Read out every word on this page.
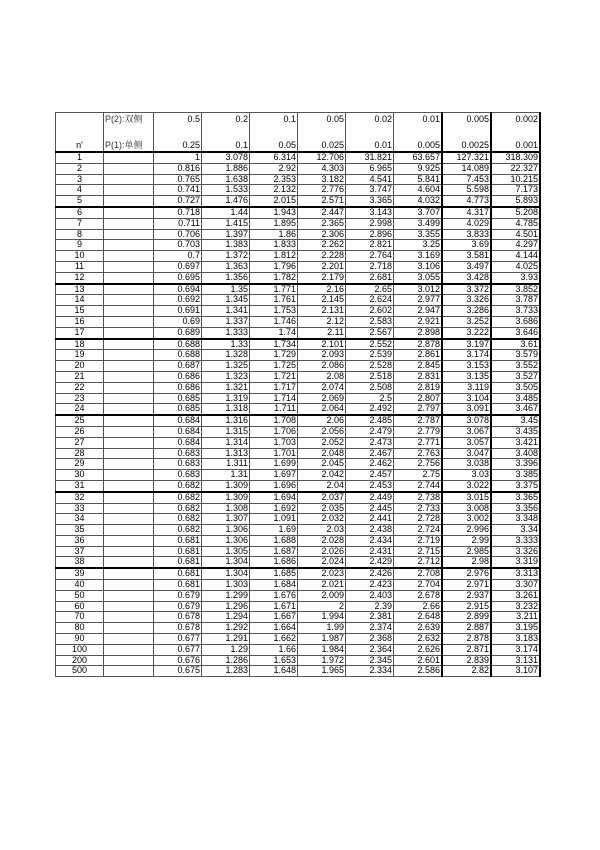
	P(2):双侧	0.5	0.2	0.1	0.05	0.02	0.01	0.005	0.002
n'	P(1):单侧	0.25	0.1	0.05	0.025	0.01	0.005	0.0025	0.001
1		1	3.078	6.314	12.706	31.821	63.657	127.321	318.309
2		0.816	1.886	2.92	4.303	6.965	9.925	14.089	22.327
3		0.765	1.638	2.353	3.182	4.541	5.841	7.453	10.215
4		0.741	1.533	2.132	2.776	3.747	4.604	5.598	7.173
5		0.727	1.476	2.015	2.571	3.365	4.032	4.773	5.893
6		0.718	1.44	1.943	2.447	3.143	3.707	4.317	5.208
7		0.711	1.415	1.895	2.365	2.998	3.499	4.029	4.785
8		0.706	1.397	1.86	2.306	2.896	3.355	3.833	4.501
9		0.703	1.383	1.833	2.262	2.821	3.25	3.69	4.297
10		0.7	1.372	1.812	2.228	2.764	3.169	3.581	4.144
11		0.697	1.363	1.796	2.201	2.718	3.106	3.497	4.025
12		0.695	1.356	1.782	2.179	2.681	3.055	3.428	3.93
13		0.694	1.35	1.771	2.16	2.65	3.012	3.372	3.852
14		0.692	1.345	1.761	2.145	2.624	2.977	3.326	3.787
15		0.691	1.341	1.753	2.131	2.602	2.947	3.286	3.733
16		0.69	1.337	1.746	2.12	2.583	2.921	3.252	3.686
17		0.689	1.333	1.74	2.11	2.567	2.898	3.222	3.646
18		0.688	1.33	1.734	2.101	2.552	2.878	3.197	3.61
19		0.688	1.328	1.729	2.093	2.539	2.861	3.174	3.579
20		0.687	1.325	1.725	2.086	2.528	2.845	3.153	3.552
21		0.686	1.323	1.721	2.08	2.518	2.831	3.135	3.527
22		0.686	1.321	1.717	2.074	2.508	2.819	3.119	3.505
23		0.685	1.319	1.714	2.069	2.5	2.807	3.104	3.485
24		0.685	1.318	1.711	2.064	2.492	2.797	3.091	3.467
25		0.684	1.316	1.708	2.06	2.485	2.787	3.078	3.45
26		0.684	1.315	1.706	2.056	2.479	2.779	3.067	3.435
27		0.684	1.314	1.703	2.052	2.473	2.771	3.057	3.421
28		0.683	1.313	1.701	2.048	2.467	2.763	3.047	3.408
29		0.683	1.311	1.699	2.045	2.462	2.756	3.038	3.396
30		0.683	1.31	1.697	2.042	2.457	2.75	3.03	3.385
31		0.682	1.309	1.696	2.04	2.453	2.744	3.022	3.375
32		0.682	1.309	1.694	2.037	2.449	2.738	3.015	3.365
33		0.682	1.308	1.692	2.035	2.445	2.733	3.008	3.356
34		0.682	1.307	1.091	2.032	2.441	2.728	3.002	3.348
35		0.682	1.306	1.69	2.03	2.438	2.724	2.996	3.34
36		0.681	1.306	1.688	2.028	2.434	2.719	2.99	3.333
37		0.681	1.305	1.687	2.026	2.431	2.715	2.985	3.326
38		0.681	1.304	1.686	2.024	2.429	2.712	2.98	3.319
39		0.681	1.304	1.685	2.023	2.426	2.708	2.976	3.313
40		0.681	1.303	1.684	2.021	2.423	2.704	2.971	3.307
50		0.679	1.299	1.676	2.009	2.403	2.678	2.937	3.261
60		0.679	1.296	1.671	2	2.39	2.66	2.915	3.232
70		0.678	1.294	1.667	1.994	2.381	2.648	2.899	3.211
80		0.678	1.292	1.664	1.99	2.374	2.639	2.887	3.195
90		0.677	1.291	1.662	1.987	2.368	2.632	2.878	3.183
100		0.677	1.29	1.66	1.984	2.364	2.626	2.871	3.174
200		0.676	1.286	1.653	1.972	2.345	2.601	2.839	3.131
500		0.675	1.283	1.648	1.965	2.334	2.586	2.82	3.107
